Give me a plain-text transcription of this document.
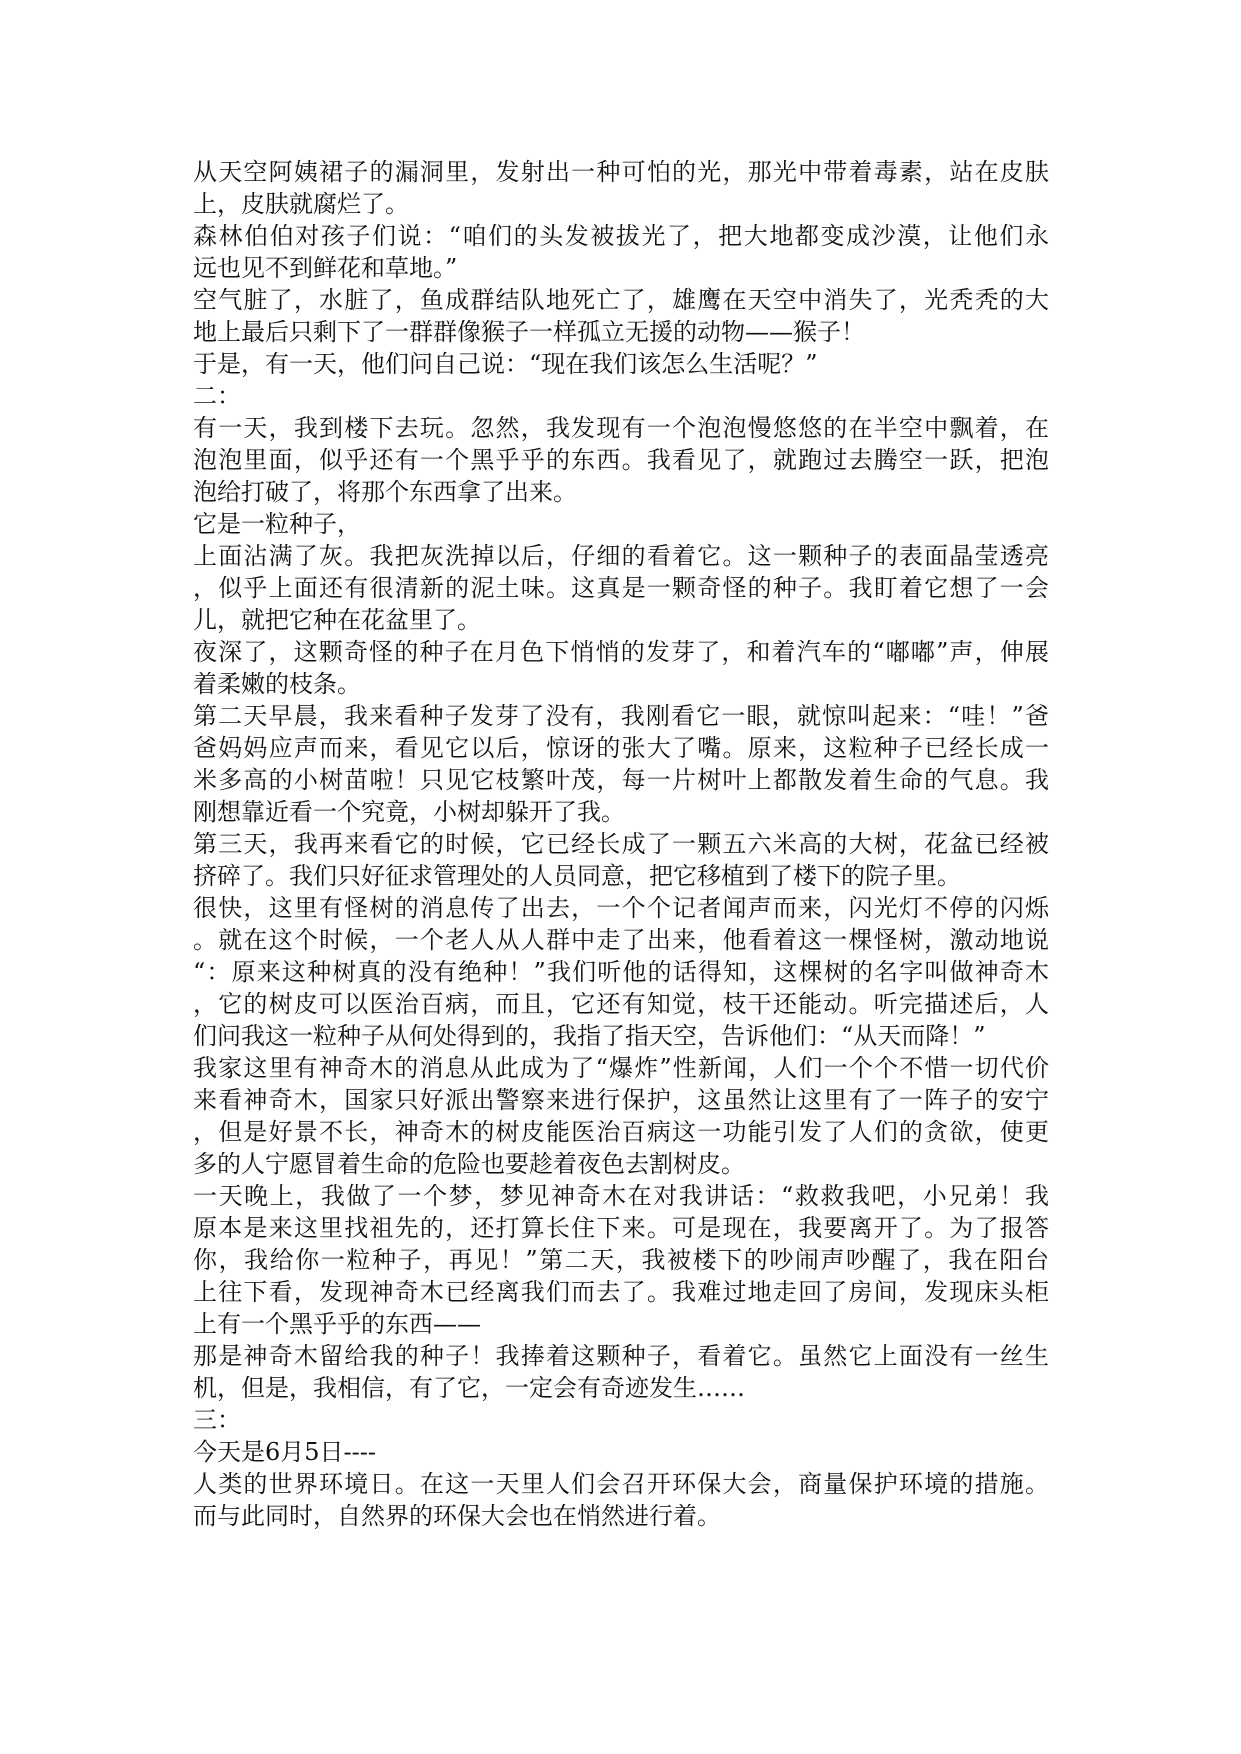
从天空阿姨裙子的漏洞里，发射出一种可怕的光，那光中带着毒素，站在皮肤
上，皮肤就腐烂了。
森林伯伯对孩子们说：“咱们的头发被拔光了，把大地都变成沙漠，让他们永
远也见不到鲜花和草地。”
空气脏了，水脏了，鱼成群结队地死亡了，雄鹰在天空中消失了，光秃秃的大
地上最后只剩下了一群群像猴子一样孤立无援的动物——猴子！
于是，有一天，他们问自己说：“现在我们该怎么生活呢？”
二：
有一天，我到楼下去玩。忽然，我发现有一个泡泡慢悠悠的在半空中飘着，在
泡泡里面，似乎还有一个黑乎乎的东西。我看见了，就跑过去腾空一跃，把泡
泡给打破了，将那个东西拿了出来。
它是一粒种子，
上面沾满了灰。我把灰洗掉以后，仔细的看着它。这一颗种子的表面晶莹透亮
，似乎上面还有很清新的泥土味。这真是一颗奇怪的种子。我盯着它想了一会
儿，就把它种在花盆里了。
夜深了，这颗奇怪的种子在月色下悄悄的发芽了，和着汽车的“嘟嘟”声，伸展
着柔嫩的枝条。
第二天早晨，我来看种子发芽了没有，我刚看它一眼，就惊叫起来：“哇！”爸
爸妈妈应声而来，看见它以后，惊讶的张大了嘴。原来，这粒种子已经长成一
米多高的小树苗啦！只见它枝繁叶茂，每一片树叶上都散发着生命的气息。我
刚想靠近看一个究竟，小树却躲开了我。
第三天，我再来看它的时候，它已经长成了一颗五六米高的大树，花盆已经被
挤碎了。我们只好征求管理处的人员同意，把它移植到了楼下的院子里。
很快，这里有怪树的消息传了出去，一个个记者闻声而来，闪光灯不停的闪烁
。就在这个时候，一个老人从人群中走了出来，他看着这一棵怪树，激动地说
“：原来这种树真的没有绝种！”我们听他的话得知，这棵树的名字叫做神奇木
，它的树皮可以医治百病，而且，它还有知觉，枝干还能动。听完描述后，人
们问我这一粒种子从何处得到的，我指了指天空，告诉他们：“从天而降！”
我家这里有神奇木的消息从此成为了“爆炸”性新闻，人们一个个不惜一切代价
来看神奇木，国家只好派出警察来进行保护，这虽然让这里有了一阵子的安宁
，但是好景不长，神奇木的树皮能医治百病这一功能引发了人们的贪欲，使更
多的人宁愿冒着生命的危险也要趁着夜色去割树皮。
一天晚上，我做了一个梦，梦见神奇木在对我讲话：“救救我吧，小兄弟！我
原本是来这里找祖先的，还打算长住下来。可是现在，我要离开了。为了报答
你，我给你一粒种子，再见！”第二天，我被楼下的吵闹声吵醒了，我在阳台
上往下看，发现神奇木已经离我们而去了。我难过地走回了房间，发现床头柜
上有一个黑乎乎的东西——
那是神奇木留给我的种子！我捧着这颗种子，看着它。虽然它上面没有一丝生
机，但是，我相信，有了它，一定会有奇迹发生……
三：
今天是6月5日----
人类的世界环境日。在这一天里人们会召开环保大会，商量保护环境的措施。
而与此同时，自然界的环保大会也在悄然进行着。
